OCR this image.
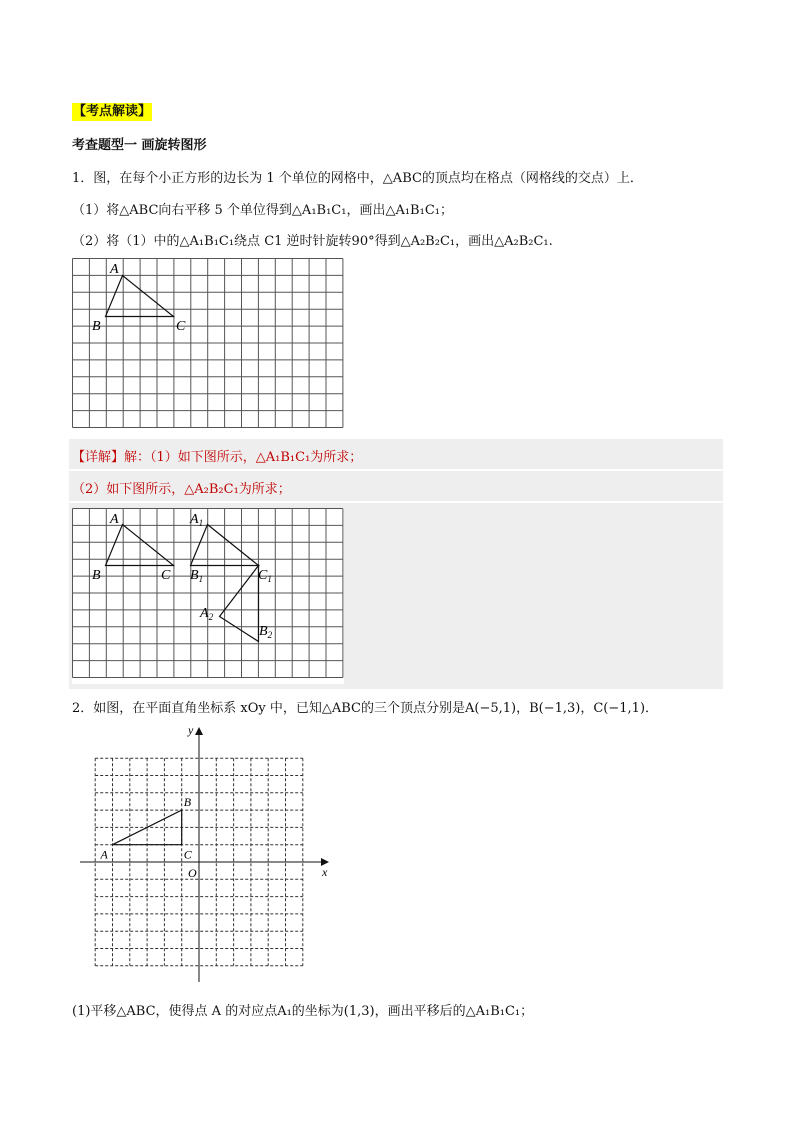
【考点解读】
考查题型一 画旋转图形
1．图，在每个小正方形的边长为 1 个单位的网格中，△ABC的顶点均在格点（网格线的交点）上．
（1）将△ABC向右平移 5 个单位得到△A₁B₁C₁，画出△A₁B₁C₁；
（2）将（1）中的△A₁B₁C₁绕点 C1 逆时针旋转90°得到△A₂B₂C₁，画出△A₂B₂C₁.
A
B	C
【详解】解：（1）如下图所示，△A₁B₁C₁为所求；
（2）如下图所示，△A₂B₂C₁为所求；
A
B	C
$A_1$
$B_1$	$C_1$
$A_2$
$B_2$
2．如图，在平面直角坐标系 xOy 中，已知△ABC的三个顶点分别是A(−5,1)，B(−1,3)，C(−1,1)．
x
y
O
A
B
C
(1)平移△ABC，使得点 A 的对应点A₁的坐标为(1,3)，画出平移后的△A₁B₁C₁；
